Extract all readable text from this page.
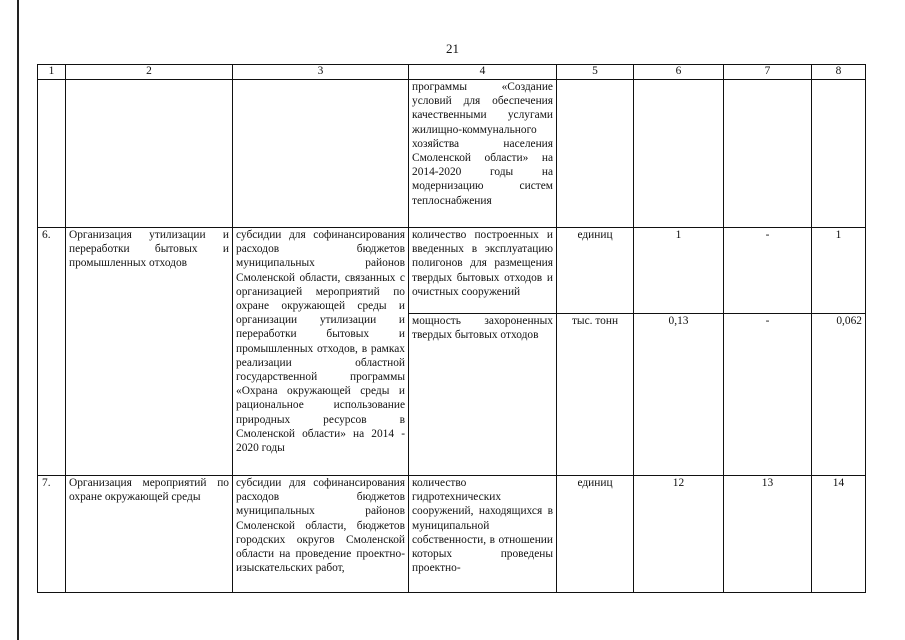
21
1	2	3	4	5	6	7	8
			программы «Создание условий для обеспечения качественными услугами жилищно-коммунального хозяйства населения Смоленской области» на 2014-2020 годы на модернизацию систем теплоснабжения				
6.	Организация утилизации и переработки бытовых и промышленных отходов	субсидии для софинансирования расходов бюджетов муниципальных районов Смоленской области, связанных с организацией мероприятий по охране окружающей среды и организации утилизации и переработки бытовых и промышленных отходов, в рамках реализации областной государственной программы «Охрана окружающей среды и рациональное использование природных ресурсов в Смоленской области» на 2014 - 2020 годы	количество построенных и введенных в эксплуатацию полигонов для размещения твердых бытовых отходов и очистных сооружений	единиц	1	-	1
			мощность захороненных твердых бытовых отходов	тыс. тонн	0,13	-	0,062
7.	Организация мероприятий по охране окружающей среды	субсидии для софинансирования расходов бюджетов муниципальных районов Смоленской области, бюджетов городских округов Смоленской области на проведение проектно-изыскательских работ,	количество гидротехнических сооружений, находящихся в муниципальной собственности, в отношении которых проведены проектно-	единиц	12	13	14
